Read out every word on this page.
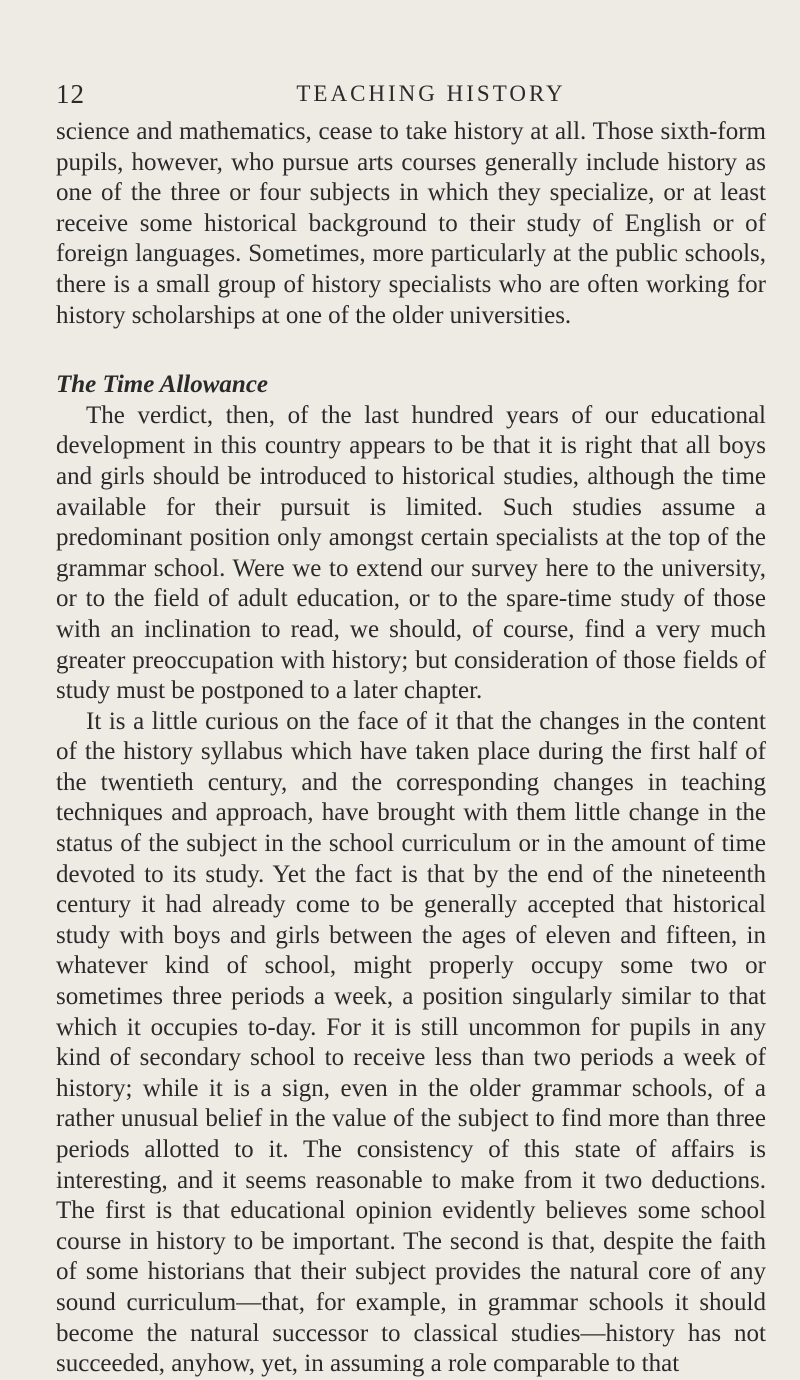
12	TEACHING HISTORY

science and mathematics, cease to take history at all. Those sixth-form pupils, however, who pursue arts courses generally include history as one of the three or four subjects in which they specialize, or at least receive some historical background to their study of English or of foreign languages. Sometimes, more particularly at the public schools, there is a small group of history specialists who are often working for history scholarships at one of the older universities.

The Time Allowance

The verdict, then, of the last hundred years of our educational development in this country appears to be that it is right that all boys and girls should be introduced to historical studies, although the time available for their pursuit is limited. Such studies assume a predominant position only amongst certain specialists at the top of the grammar school. Were we to extend our survey here to the university, or to the field of adult education, or to the spare-time study of those with an inclination to read, we should, of course, find a very much greater preoccupation with history; but consideration of those fields of study must be postponed to a later chapter.

It is a little curious on the face of it that the changes in the content of the history syllabus which have taken place during the first half of the twentieth century, and the corresponding changes in teaching techniques and approach, have brought with them little change in the status of the subject in the school curriculum or in the amount of time devoted to its study. Yet the fact is that by the end of the nineteenth century it had already come to be generally accepted that historical study with boys and girls between the ages of eleven and fifteen, in whatever kind of school, might properly occupy some two or sometimes three periods a week, a position singularly similar to that which it occupies to-day. For it is still uncommon for pupils in any kind of secondary school to receive less than two periods a week of history; while it is a sign, even in the older grammar schools, of a rather unusual belief in the value of the subject to find more than three periods allotted to it. The consistency of this state of affairs is interesting, and it seems reasonable to make from it two deductions. The first is that educational opinion evidently believes some school course in history to be important. The second is that, despite the faith of some historians that their subject provides the natural core of any sound curriculum—that, for example, in grammar schools it should become the natural successor to classical studies—history has not succeeded, anyhow, yet, in assuming a role comparable to that
